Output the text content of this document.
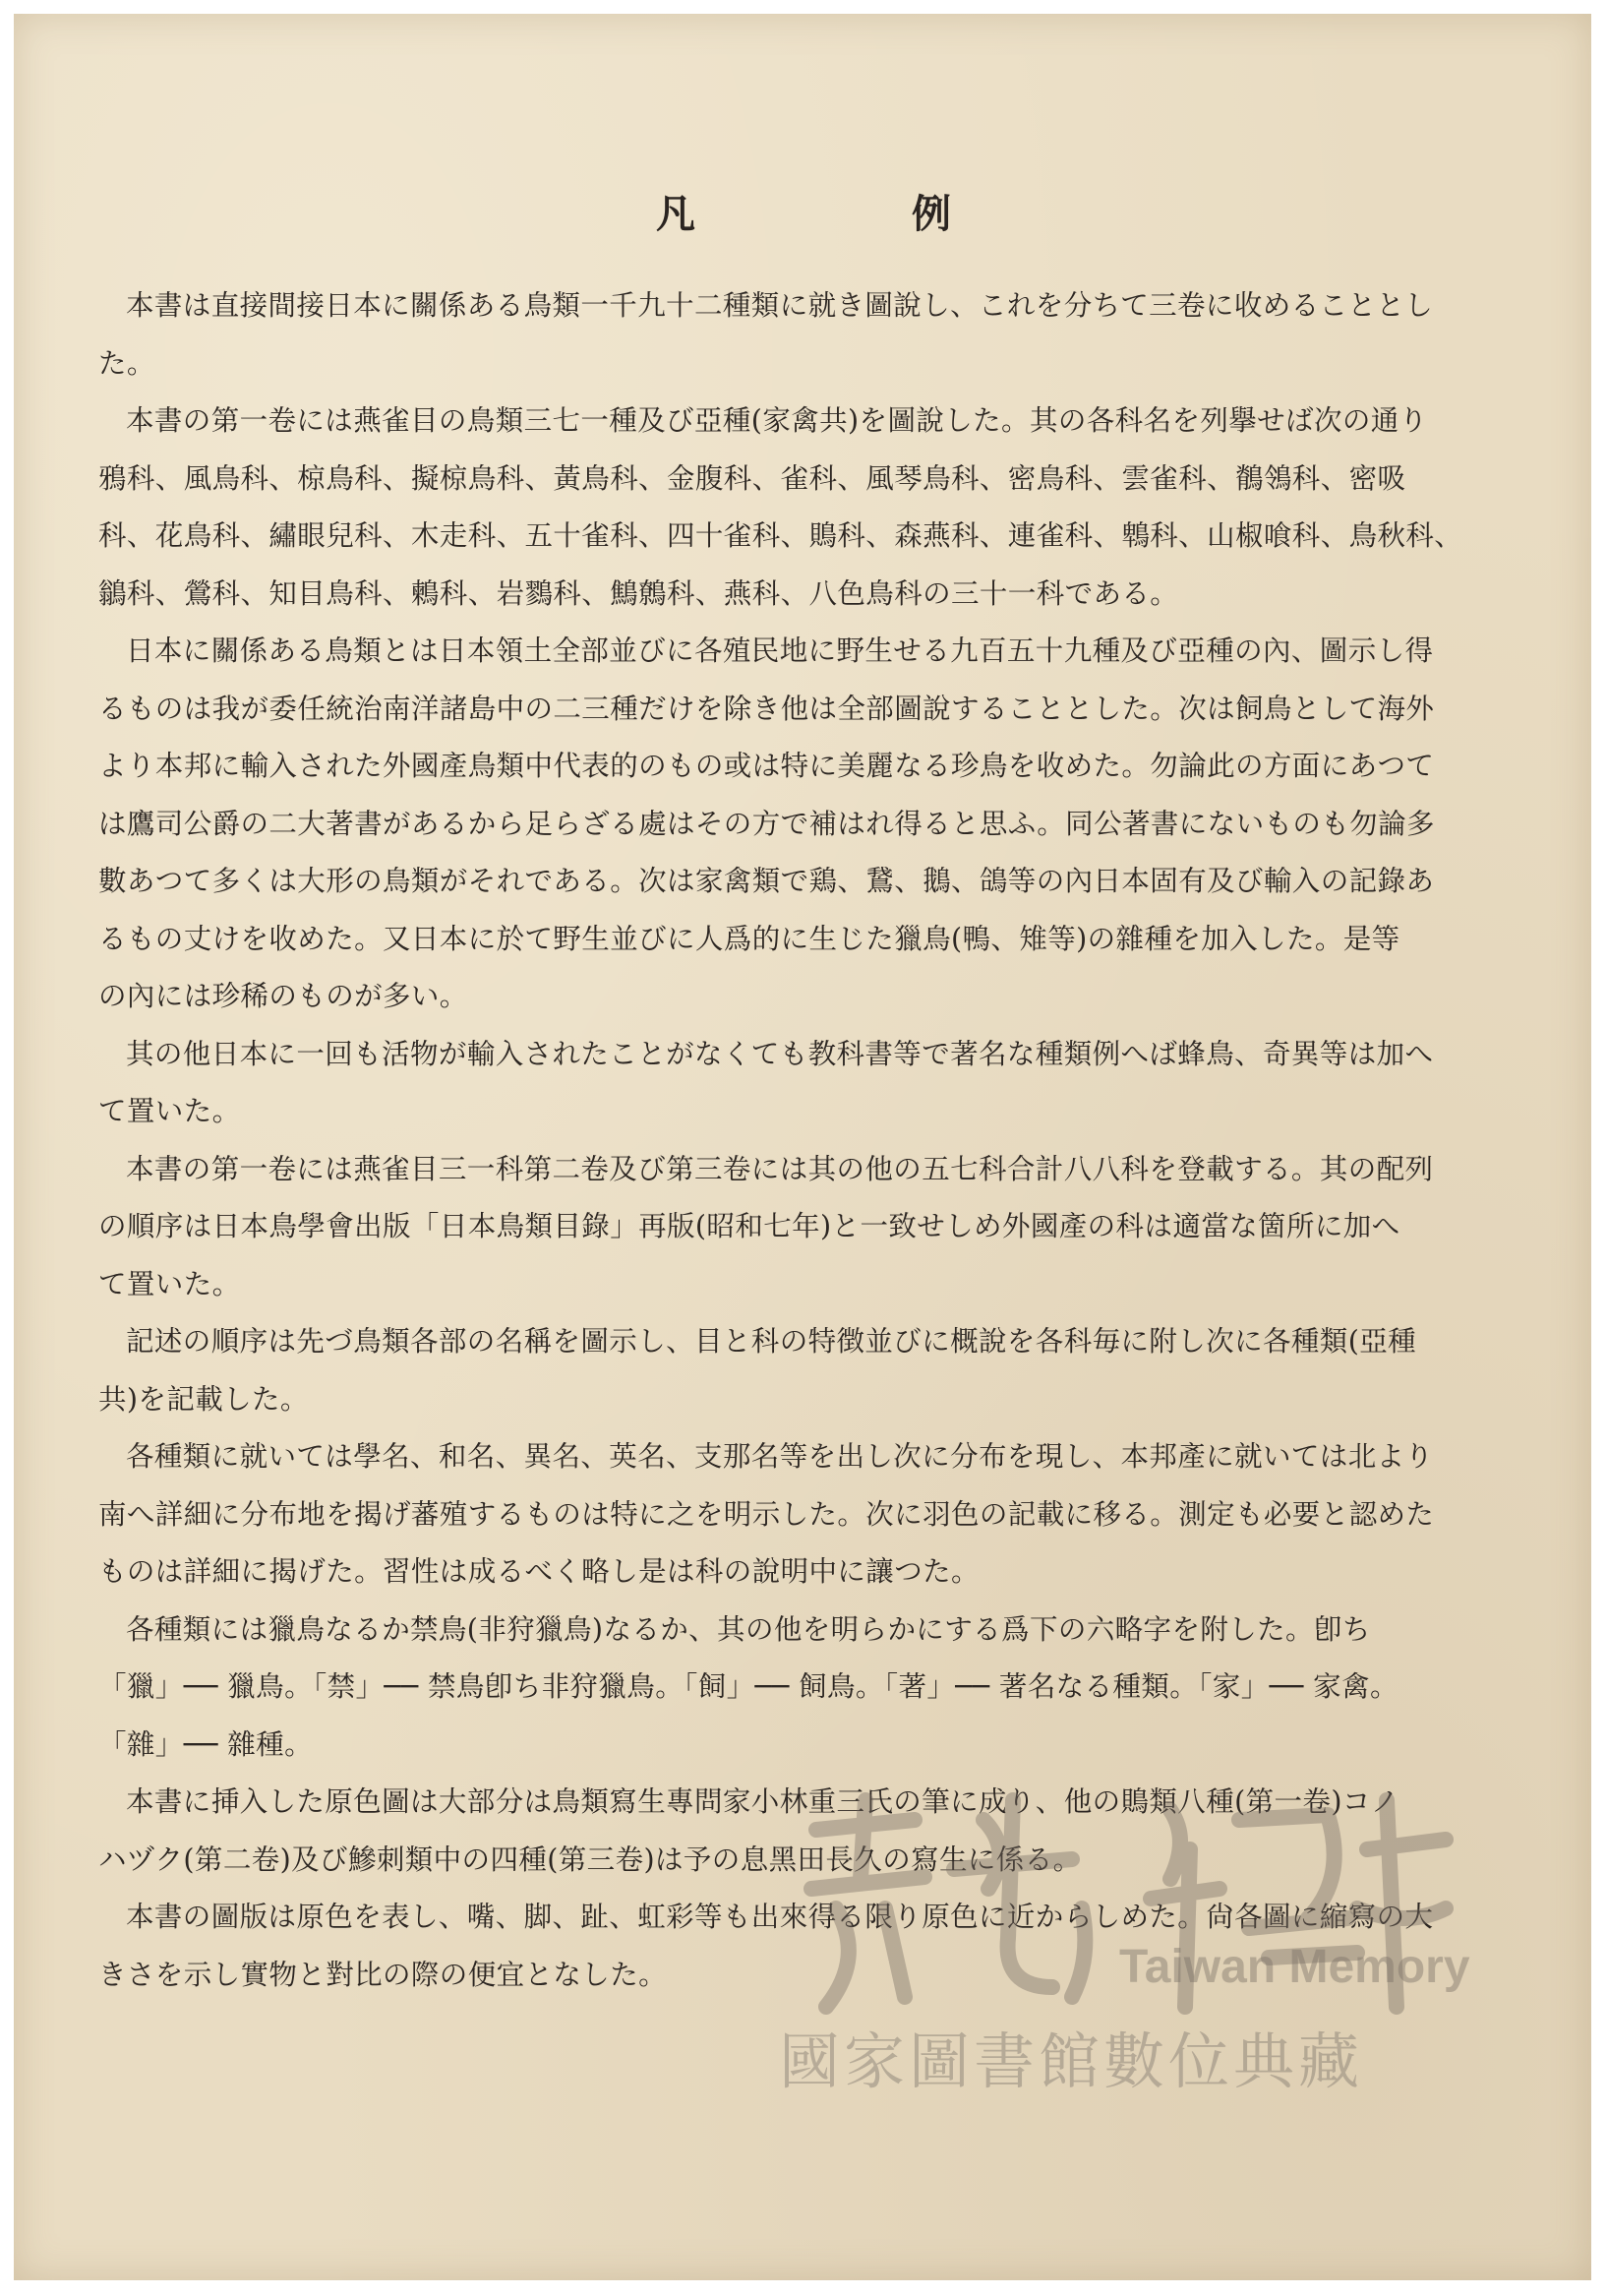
凡　例

本書は直接間接日本に關係ある鳥類一千九十二種類に就き圖說し、これを分ちて三卷に收めることとし
た。

本書の第一卷には燕雀目の鳥類三七一種及び亞種(家禽共)を圖說した。其の各科名を列擧せば次の通り
鴉科、風鳥科、椋鳥科、擬椋鳥科、黃鳥科、金腹科、雀科、風琴鳥科、密鳥科、雲雀科、鶺鴒科、密吸
科、花鳥科、繡眼兒科、木走科、五十雀科、四十雀科、鵙科、森燕科、連雀科、鵯科、山椒喰科、鳥秋科、
鶲科、鶯科、知目鳥科、鶫科、岩鷚科、鷦鷯科、燕科、八色鳥科の三十一科である。

日本に關係ある鳥類とは日本領土全部並びに各殖民地に野生せる九百五十九種及び亞種の內、圖示し得
るものは我が委任統治南洋諸島中の二三種だけを除き他は全部圖說することとした。次は飼鳥として海外
より本邦に輸入された外國產鳥類中代表的のもの或は特に美麗なる珍鳥を收めた。勿論此の方面にあつて
は鷹司公爵の二大著書があるから足らざる處はその方で補はれ得ると思ふ。同公著書にないものも勿論多
數あつて多くは大形の鳥類がそれである。次は家禽類で鶏、鵞、鵝、鴿等の內日本固有及び輸入の記錄あ
るもの丈けを收めた。又日本に於て野生並びに人爲的に生じた獵鳥(鴨、雉等)の雜種を加入した。是等
の內には珍稀のものが多い。

其の他日本に一回も活物が輸入されたことがなくても教科書等で著名な種類例へば蜂鳥、奇異等は加へ
て置いた。

本書の第一卷には燕雀目三一科第二卷及び第三卷には其の他の五七科合計八八科を登載する。其の配列
の順序は日本鳥學會出版「日本鳥類目錄」再版(昭和七年)と一致せしめ外國產の科は適當な箇所に加へ
て置いた。

記述の順序は先づ鳥類各部の名稱を圖示し、目と科の特徴並びに概說を各科毎に附し次に各種類(亞種
共)を記載した。

各種類に就いては學名、和名、異名、英名、支那名等を出し次に分布を現し、本邦產に就いては北より
南へ詳細に分布地を揭げ蕃殖するものは特に之を明示した。次に羽色の記載に移る。測定も必要と認めた
ものは詳細に揭げた。習性は成るべく略し是は科の說明中に讓つた。

各種類には獵鳥なるか禁鳥(非狩獵鳥)なるか、其の他を明らかにする爲下の六略字を附した。卽ち
「獵」── 獵鳥。「禁」── 禁鳥卽ち非狩獵鳥。「飼」── 飼鳥。「著」── 著名なる種類。「家」── 家禽。
「雜」── 雜種。

本書に挿入した原色圖は大部分は鳥類寫生專問家小林重三氏の筆に成り、他の鵙類八種(第一卷)コノ
ハヅク(第二卷)及び鰺刺類中の四種(第三卷)は予の息黑田長久の寫生に係る。

本書の圖版は原色を表し、嘴、脚、趾、虹彩等も出來得る限り原色に近からしめた。尙各圖に縮寫の大
きさを示し實物と對比の際の便宜となした。	Taiwan Memory
國家圖書館數位典藏
